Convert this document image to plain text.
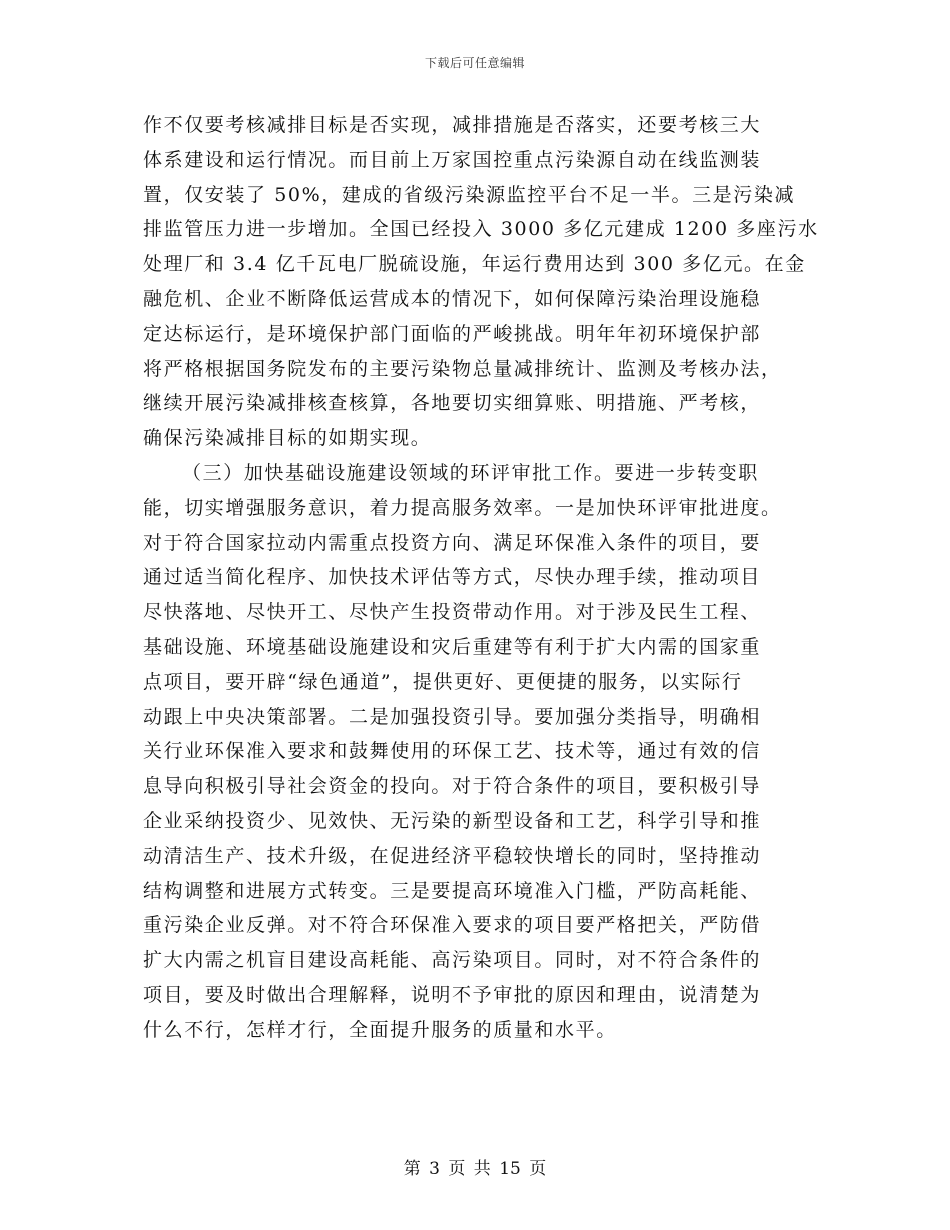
下载后可任意编辑
作不仅要考核减排目标是否实现，减排措施是否落实，还要考核三大
体系建设和运行情况。而目前上万家国控重点污染源自动在线监测装
置，仅安装了 50%，建成的省级污染源监控平台不足一半。三是污染减
排监管压力进一步增加。全国已经投入 3000 多亿元建成 1200 多座污水
处理厂和 3.4 亿千瓦电厂脱硫设施，年运行费用达到 300 多亿元。在金
融危机、企业不断降低运营成本的情况下，如何保障污染治理设施稳
定达标运行，是环境保护部门面临的严峻挑战。明年年初环境保护部
将严格根据国务院发布的主要污染物总量减排统计、监测及考核办法，
继续开展污染减排核查核算，各地要切实细算账、明措施、严考核，
确保污染减排目标的如期实现。
（三）加快基础设施建设领域的环评审批工作。要进一步转变职
能，切实增强服务意识，着力提高服务效率。一是加快环评审批进度。
对于符合国家拉动内需重点投资方向、满足环保准入条件的项目，要
通过适当简化程序、加快技术评估等方式，尽快办理手续，推动项目
尽快落地、尽快开工、尽快产生投资带动作用。对于涉及民生工程、
基础设施、环境基础设施建设和灾后重建等有利于扩大内需的国家重
点项目，要开辟“绿色通道”，提供更好、更便捷的服务，以实际行
动跟上中央决策部署。二是加强投资引导。要加强分类指导，明确相
关行业环保准入要求和鼓舞使用的环保工艺、技术等，通过有效的信
息导向积极引导社会资金的投向。对于符合条件的项目，要积极引导
企业采纳投资少、见效快、无污染的新型设备和工艺，科学引导和推
动清洁生产、技术升级，在促进经济平稳较快增长的同时，坚持推动
结构调整和进展方式转变。三是要提高环境准入门槛，严防高耗能、
重污染企业反弹。对不符合环保准入要求的项目要严格把关，严防借
扩大内需之机盲目建设高耗能、高污染项目。同时，对不符合条件的
项目，要及时做出合理解释，说明不予审批的原因和理由，说清楚为
什么不行，怎样才行，全面提升服务的质量和水平。
第 3 页 共 15 页
